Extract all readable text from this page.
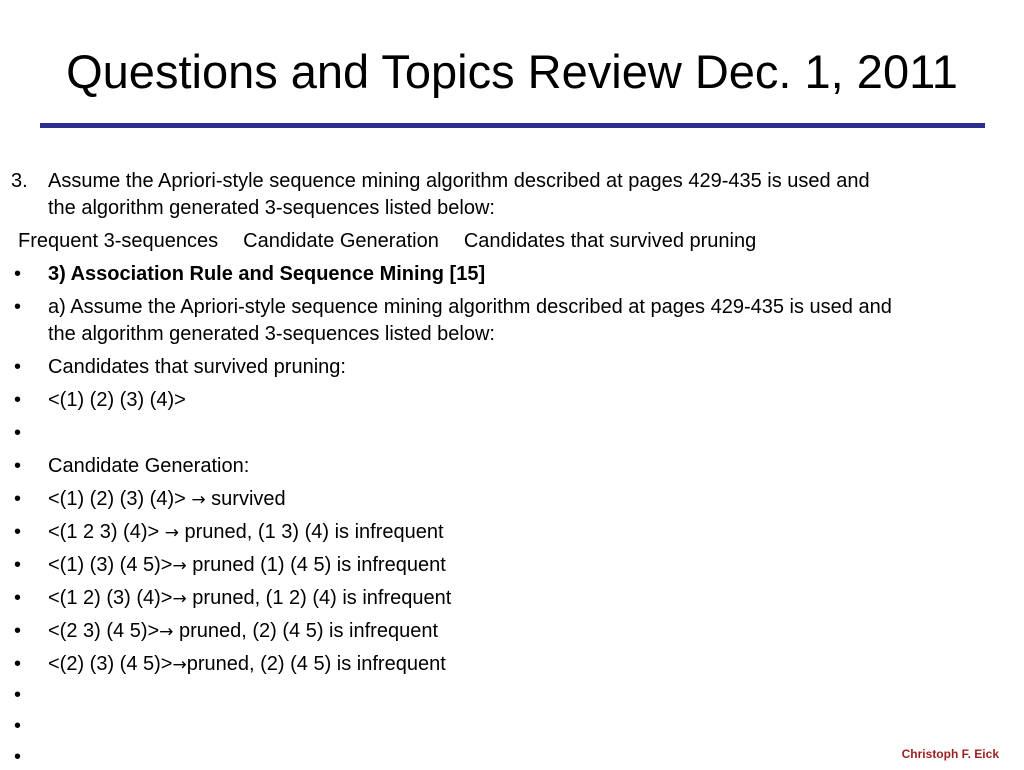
Questions and Topics Review Dec. 1, 2011
3. Assume the Apriori-style sequence mining algorithm described at pages 429-435 is used and
the algorithm generated 3-sequences listed below:
Frequent 3-sequences Candidate Generation Candidates that survived pruning
• 3) Association Rule and Sequence Mining [15]
• a) Assume the Apriori-style sequence mining algorithm described at pages 429-435 is used and
the algorithm generated 3-sequences listed below:
• Candidates that survived pruning:
• <(1) (2) (3) (4)>
•
• Candidate Generation:
• <(1) (2) (3) (4)> → survived
• <(1 2 3) (4)> → pruned, (1 3) (4) is infrequent
• <(1) (3) (4 5)>→ pruned (1) (4 5) is infrequent
• <(1 2) (3) (4)>→ pruned, (1 2) (4) is infrequent
• <(2 3) (4 5)>→ pruned, (2) (4 5) is infrequent
• <(2) (3) (4 5)>→pruned, (2) (4 5) is infrequent
•
•
•	Christoph F. Eick
